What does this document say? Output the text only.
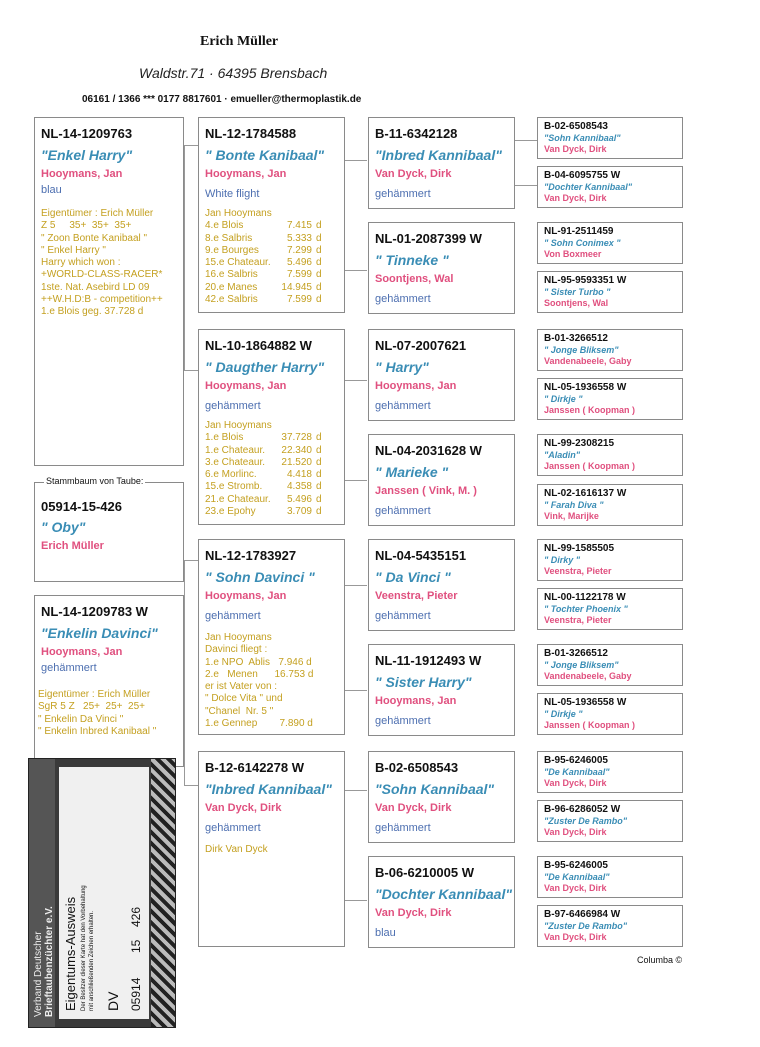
Erich Müller
Waldstr.71 · 64395 Brensbach
06161 / 1366 *** 0177 8817601 · emueller@thermoplastik.de
NL-14-1209763
"Enkel Harry"
Hooymans, Jan
blau
Eigentümer : Erich Müller
Z 5     35+  35+  35+
" Zoon Bonte Kanibaal "
" Enkel Harry "
Harry which won :
+WORLD-CLASS-RACER*
1ste. Nat. Asebird LD 09
++W.H.D:B - competition++
1.e Blois geg. 37.728 d
Stammbaum von Taube:
05914-15-426
" Oby"
Erich Müller
NL-14-1209783 W
"Enkelin Davinci"
Hooymans, Jan
gehämmert
Eigentümer : Erich Müller
SgR 5 Z   25+  25+  25+
" Enkelin Da Vinci "
" Enkelin Inbred Kanibaal "
NL-12-1784588
" Bonte Kanibaal"
Hooymans, Jan
White flight
Jan Hooymans
4.e Blois	7.415 d
8.e Salbris	5.333 d
9.e Bourges	7.299 d
15.e Chateaur.	5.496 d
16.e Salbris	7.599 d
20.e Manes	14.945 d
42.e Salbris	7.599 d
NL-10-1864882 W
" Daugther Harry"
Hooymans, Jan
gehämmert
Jan Hooymans
1.e Blois	37.728 d
1.e Chateaur.	22.340 d
3.e Chateaur.	21.520 d
6.e Morlinc.	4.418 d
15.e Stromb.	4.358 d
21.e Chateaur.	5.496 d
23.e Epohy	3.709 d
NL-12-1783927
" Sohn Davinci "
Hooymans, Jan
gehämmert
Jan Hooymans
Davinci fliegt :
1.e NPO  Ablis   7.946 d
2.e   Menen      16.753 d
er ist Vater von :
" Dolce Vita " und
"Chanel  Nr. 5 "
1.e Gennep        7.890 d
B-12-6142278 W
"Inbred Kannibaal"
Van Dyck, Dirk
gehämmert
Dirk Van Dyck
B-11-6342128
"Inbred Kannibaal"
Van Dyck, Dirk
gehämmert
NL-01-2087399 W
" Tinneke "
Soontjens, Wal
gehämmert
NL-07-2007621
" Harry"
Hooymans, Jan
gehämmert
NL-04-2031628 W
" Marieke "
Janssen ( Vink, M. )
gehämmert
NL-04-5435151
" Da Vinci "
Veenstra, Pieter
gehämmert
NL-11-1912493 W
" Sister Harry"
Hooymans, Jan
gehämmert
B-02-6508543
"Sohn Kannibaal"
Van Dyck, Dirk
gehämmert
B-06-6210005 W
"Dochter Kannibaal"
Van Dyck, Dirk
blau
B-02-6508543
"Sohn Kannibaal"
Van Dyck, Dirk
B-04-6095755 W
"Dochter Kannibaal"
Van Dyck, Dirk
NL-91-2511459
" Sohn Conimex "
Von Boxmeer
NL-95-9593351 W
" Sister Turbo "
Soontjens, Wal
B-01-3266512
" Jonge Bliksem"
Vandenabeele, Gaby
NL-05-1936558 W
" Dirkje "
Janssen ( Koopman )
NL-99-2308215
"Aladin"
Janssen ( Koopman )
NL-02-1616137 W
" Farah Diva "
Vink, Marijke
NL-99-1585505
" Dirky "
Veenstra, Pieter
NL-00-1122178 W
" Tochter Phoenix "
Veenstra, Pieter
B-01-3266512
" Jonge Bliksem"
Vandenabeele, Gaby
NL-05-1936558 W
" Dirkje "
Janssen ( Koopman )
B-95-6246005
"De Kannibaal"
Van Dyck, Dirk
B-96-6286052 W
"Zuster De Rambo"
Van Dyck, Dirk
B-95-6246005
"De Kannibaal"
Van Dyck, Dirk
B-97-6466984 W
"Zuster De Rambo"
Van Dyck, Dirk
Verband Deutscher Brieftaubenzüchter e.V. Eigentums-Ausweis Der Besitzer dieser Karte hat den Vorbehaltung mit anschließenden Zeichen erhalten. DV 05914
15
426
Columba ©
